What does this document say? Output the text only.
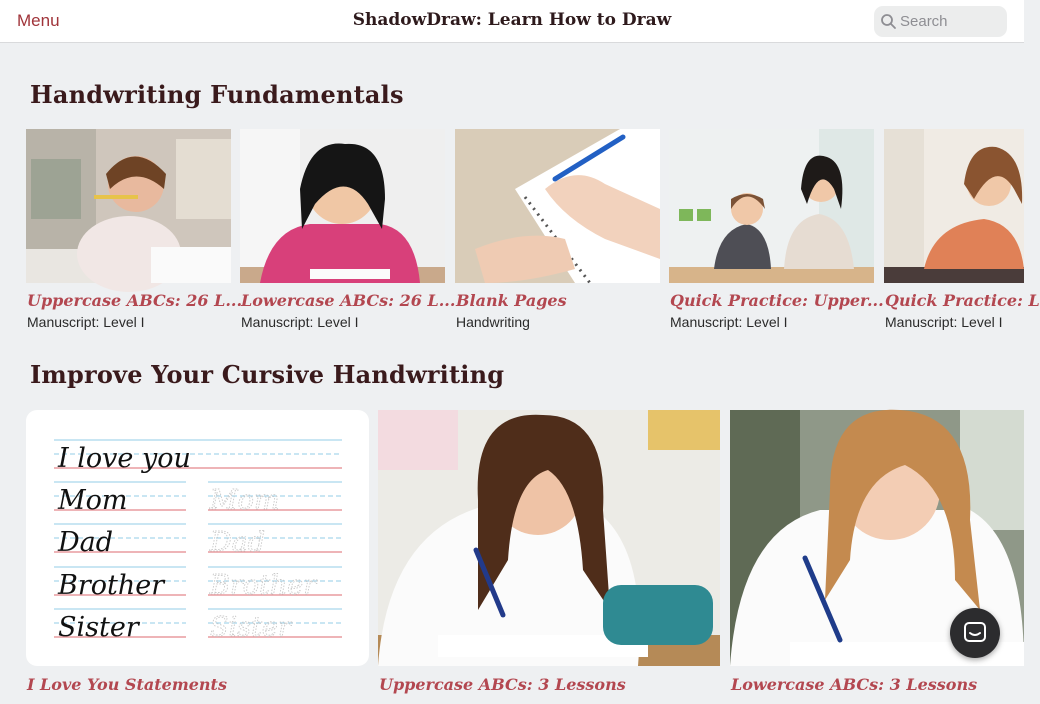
Menu	ShadowDraw: Learn How to Draw
Search
Handwriting Fundamentals
Uppercase ABCs: 26 L...
Manuscript: Level I
Lowercase ABCs: 26 L...
Manuscript: Level I
Blank Pages
Handwriting
Quick Practice: Upper...
Manuscript: Level I
Quick Practice: L
Manuscript: Level I
Improve Your Cursive Handwriting
I love you
Mom
Dad
Brother
Sister
Mom
Dad
Brother
Sister
I Love You Statements	Uppercase ABCs: 3 Lessons	Lowercase ABCs: 3 Lessons
